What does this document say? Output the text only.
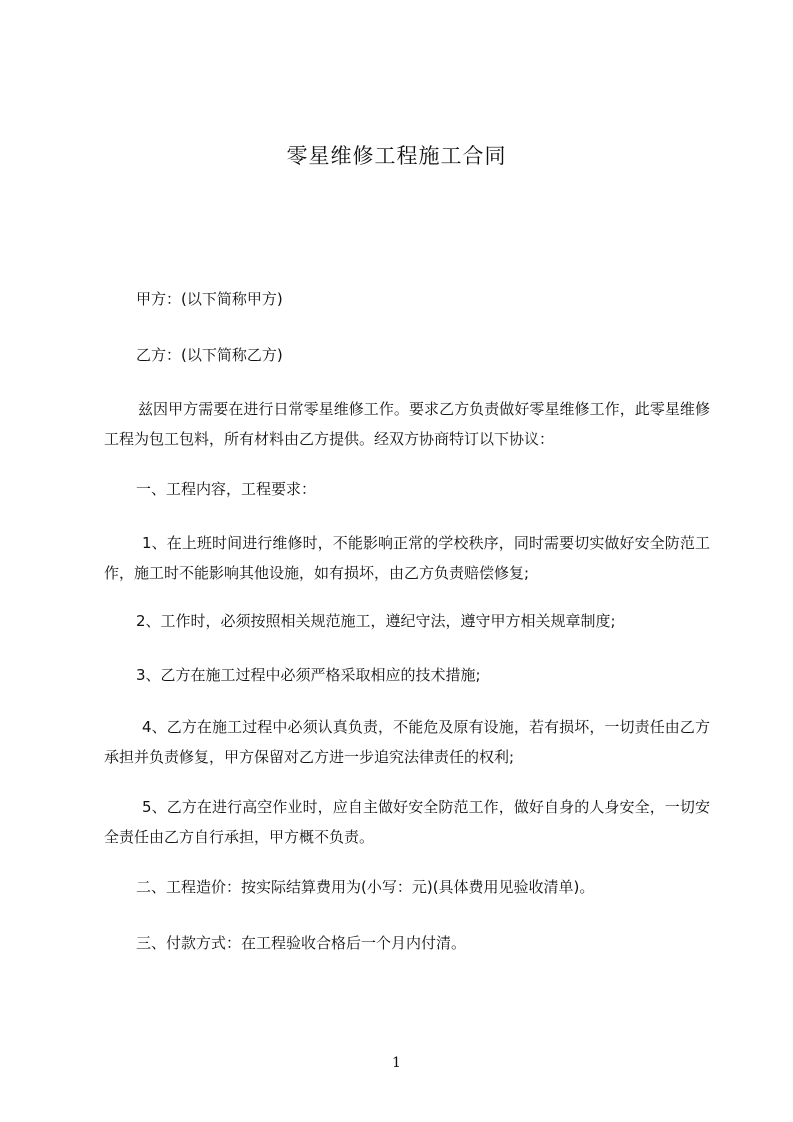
零星维修工程施工合同

甲方：(以下简称甲方)

乙方：(以下简称乙方)

兹因甲方需要在进行日常零星维修工作。要求乙方负责做好零星维修工作，此零星维修工程为包工包料，所有材料由乙方提供。经双方协商特订以下协议：

一、工程内容，工程要求：

1、在上班时间进行维修时，不能影响正常的学校秩序，同时需要切实做好安全防范工作，施工时不能影响其他设施，如有损坏，由乙方负责赔偿修复;

2、工作时，必须按照相关规范施工，遵纪守法，遵守甲方相关规章制度;

3、乙方在施工过程中必须严格采取相应的技术措施;

4、乙方在施工过程中必须认真负责，不能危及原有设施，若有损坏，一切责任由乙方承担并负责修复，甲方保留对乙方进一步追究法律责任的权利;

5、乙方在进行高空作业时，应自主做好安全防范工作，做好自身的人身安全，一切安全责任由乙方自行承担，甲方概不负责。

二、工程造价：按实际结算费用为(小写：元)(具体费用见验收清单)。

三、付款方式：在工程验收合格后一个月内付清。

1
